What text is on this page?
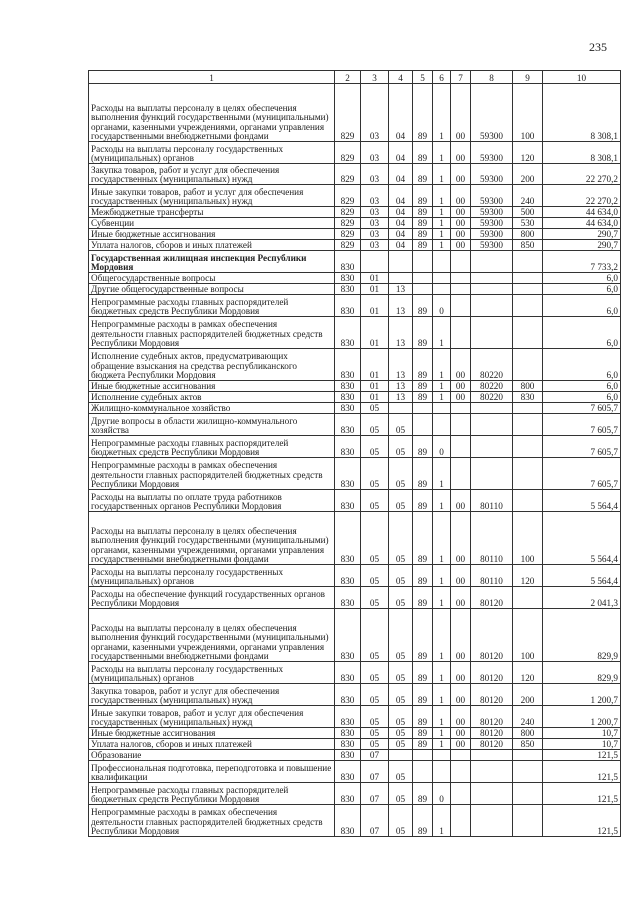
235
1	2	3	4	5	6	7	8	9	10
Расходы на выплаты персоналу в целях обеспечения выполнения функций государственными (муниципальными) органами, казенными учреждениями, органами управления государственными внебюджетными фондами	829	03	04	89	1	00	59300	100	8 308,1
Расходы на выплаты персоналу государственных (муниципальных) органов	829	03	04	89	1	00	59300	120	8 308,1
Закупка товаров, работ и услуг для обеспечения государственных (муниципальных) нужд	829	03	04	89	1	00	59300	200	22 270,2
Иные закупки товаров, работ и услуг для обеспечения государственных (муниципальных) нужд	829	03	04	89	1	00	59300	240	22 270,2
Межбюджетные трансферты	829	03	04	89	1	00	59300	500	44 634,0
Субвенции	829	03	04	89	1	00	59300	530	44 634,0
Иные бюджетные ассигнования	829	03	04	89	1	00	59300	800	290,7
Уплата налогов, сборов и иных платежей	829	03	04	89	1	00	59300	850	290,7
Государственная жилищная инспекция Республики Мордовия	830								7 733,2
Общегосударственные вопросы	830	01							6,0
Другие общегосударственные вопросы	830	01	13						6,0
Непрограммные расходы главных распорядителей бюджетных средств Республики Мордовия	830	01	13	89	0				6,0
Непрограммные расходы в рамках обеспечения деятельности главных распорядителей бюджетных средств Республики Мордовия	830	01	13	89	1				6,0
Исполнение судебных актов, предусматривающих обращение взыскания на средства республиканского бюджета Республики Мордовия	830	01	13	89	1	00	80220		6,0
Иные бюджетные ассигнования	830	01	13	89	1	00	80220	800	6,0
Исполнение судебных актов	830	01	13	89	1	00	80220	830	6,0
Жилищно-коммунальное хозяйство	830	05							7 605,7
Другие вопросы в области жилищно-коммунального хозяйства	830	05	05						7 605,7
Непрограммные расходы главных распорядителей бюджетных средств Республики Мордовия	830	05	05	89	0				7 605,7
Непрограммные расходы в рамках обеспечения деятельности главных распорядителей бюджетных средств Республики Мордовия	830	05	05	89	1				7 605,7
Расходы на выплаты по оплате труда работников государственных органов Республики Мордовия	830	05	05	89	1	00	80110		5 564,4
Расходы на выплаты персоналу в целях обеспечения выполнения функций государственными (муниципальными) органами, казенными учреждениями, органами управления государственными внебюджетными фондами	830	05	05	89	1	00	80110	100	5 564,4
Расходы на выплаты персоналу государственных (муниципальных) органов	830	05	05	89	1	00	80110	120	5 564,4
Расходы на обеспечение функций государственных органов Республики Мордовия	830	05	05	89	1	00	80120		2 041,3
Расходы на выплаты персоналу в целях обеспечения выполнения функций государственными (муниципальными) органами, казенными учреждениями, органами управления государственными внебюджетными фондами	830	05	05	89	1	00	80120	100	829,9
Расходы на выплаты персоналу государственных (муниципальных) органов	830	05	05	89	1	00	80120	120	829,9
Закупка товаров, работ и услуг для обеспечения государственных (муниципальных) нужд	830	05	05	89	1	00	80120	200	1 200,7
Иные закупки товаров, работ и услуг для обеспечения государственных (муниципальных) нужд	830	05	05	89	1	00	80120	240	1 200,7
Иные бюджетные ассигнования	830	05	05	89	1	00	80120	800	10,7
Уплата налогов, сборов и иных платежей	830	05	05	89	1	00	80120	850	10,7
Образование	830	07							121,5
Профессиональная подготовка, переподготовка и повышение квалификации	830	07	05						121,5
Непрограммные расходы главных распорядителей бюджетных средств Республики Мордовия	830	07	05	89	0				121,5
Непрограммные расходы в рамках обеспечения деятельности главных распорядителей бюджетных средств Республики Мордовия	830	07	05	89	1				121,5
